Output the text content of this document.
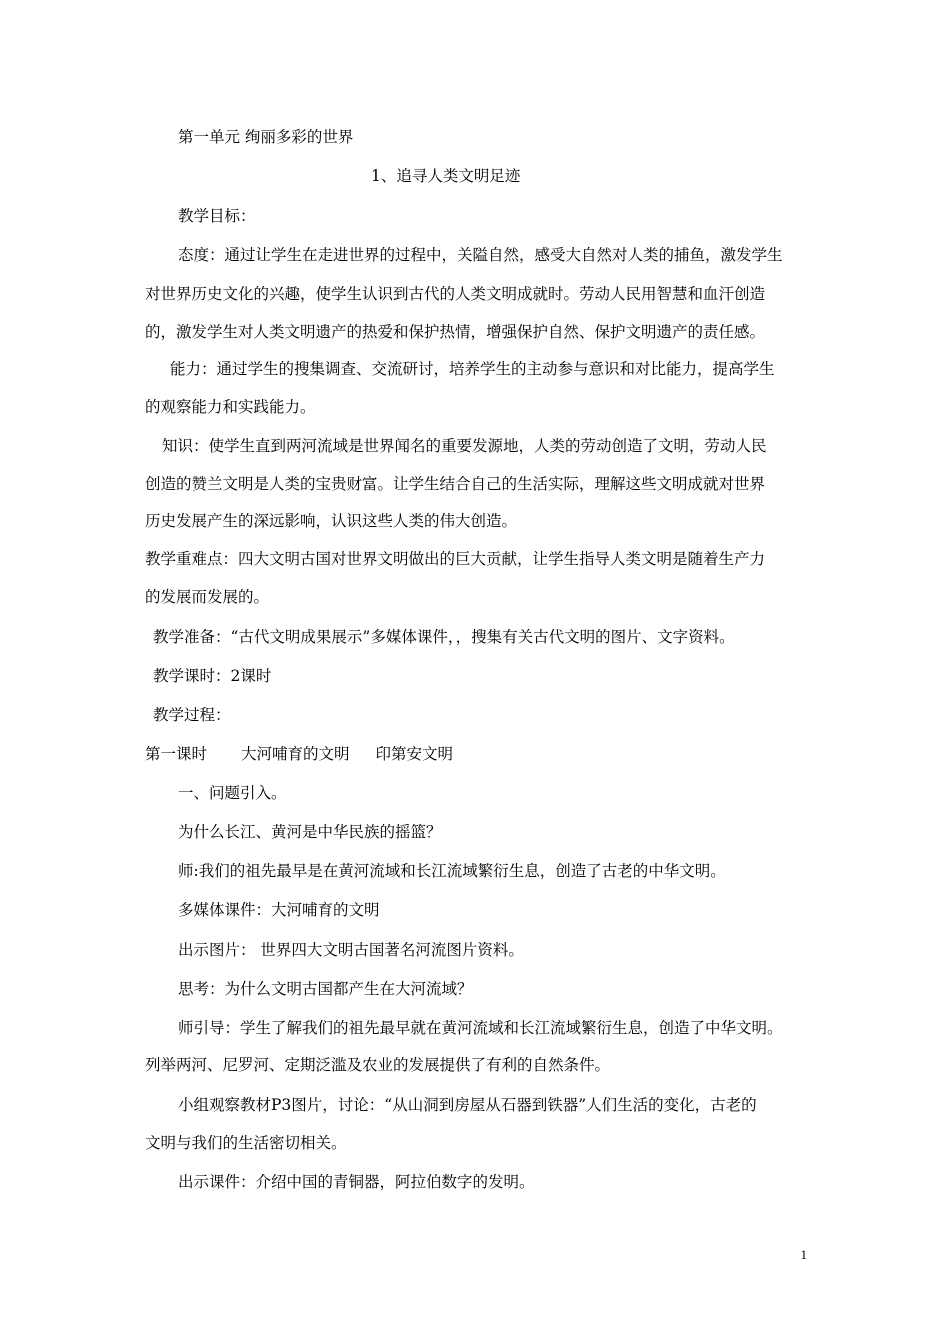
第一单元 绚丽多彩的世界
1、追寻人类文明足迹
教学目标：
态度：通过让学生在走进世界的过程中，关隘自然，感受大自然对人类的捕鱼，激发学生
对世界历史文化的兴趣，使学生认识到古代的人类文明成就时。劳动人民用智慧和血汗创造
的，激发学生对人类文明遗产的热爱和保护热情，增强保护自然、保护文明遗产的责任感。
能力：通过学生的搜集调查、交流研讨，培养学生的主动参与意识和对比能力，提高学生
的观察能力和实践能力。
知识：使学生直到两河流域是世界闻名的重要发源地，人类的劳动创造了文明，劳动人民
创造的赞兰文明是人类的宝贵财富。让学生结合自己的生活实际，理解这些文明成就对世界
历史发展产生的深远影响，认识这些人类的伟大创造。
教学重难点：四大文明古国对世界文明做出的巨大贡献，让学生指导人类文明是随着生产力
的发展而发展的。
教学准备：“古代文明成果展示”多媒体课件，，搜集有关古代文明的图片、文字资料。
教学课时：2课时
教学过程：
第一课时 大河哺育的文明 印第安文明
一、问题引入。
为什么长江、黄河是中华民族的摇篮？
师:我们的祖先最早是在黄河流域和长江流域繁衍生息，创造了古老的中华文明。
多媒体课件：大河哺育的文明
出示图片： 世界四大文明古国著名河流图片资料。
思考：为什么文明古国都产生在大河流域？
师引导：学生了解我们的祖先最早就在黄河流域和长江流域繁衍生息，创造了中华文明。
列举两河、尼罗河、定期泛滥及农业的发展提供了有利的自然条件。
小组观察教材P3图片，讨论：“从山洞到房屋从石器到铁器”人们生活的变化，古老的
文明与我们的生活密切相关。
出示课件：介绍中国的青铜器，阿拉伯数字的发明。
1
